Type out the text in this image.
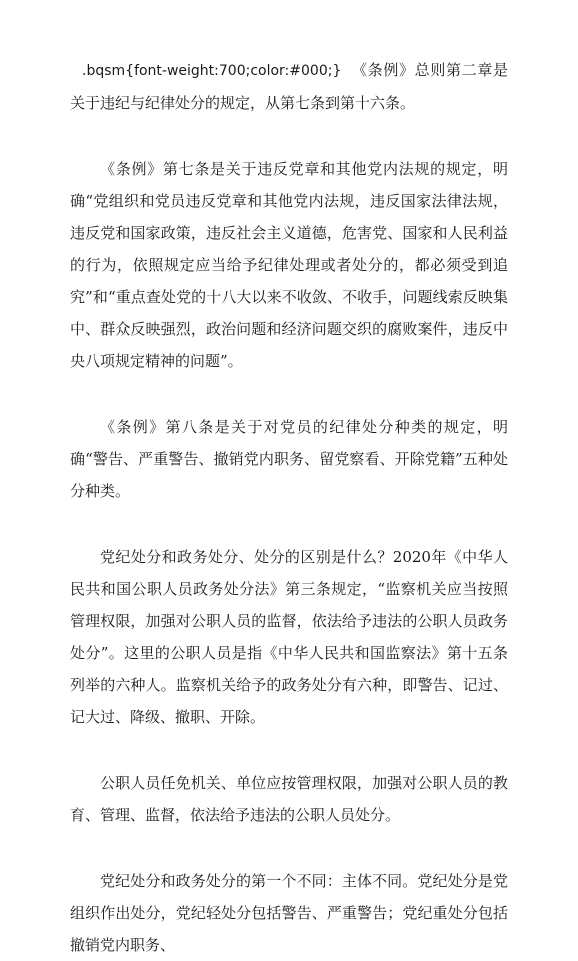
.bqsm{font-weight:700;color:#000;} 《条例》总则第二章是关于违纪与纪律处分的规定，从第七条到第十六条。

《条例》第七条是关于违反党章和其他党内法规的规定，明确“党组织和党员违反党章和其他党内法规，违反国家法律法规，违反党和国家政策，违反社会主义道德，危害党、国家和人民利益的行为，依照规定应当给予纪律处理或者处分的，都必须受到追究”和“重点查处党的十八大以来不收敛、不收手，问题线索反映集中、群众反映强烈，政治问题和经济问题交织的腐败案件，违反中央八项规定精神的问题”。

《条例》第八条是关于对党员的纪律处分种类的规定，明确“警告、严重警告、撤销党内职务、留党察看、开除党籍”五种处分种类。

党纪处分和政务处分、处分的区别是什么？2020年《中华人民共和国公职人员政务处分法》第三条规定，“监察机关应当按照管理权限，加强对公职人员的监督，依法给予违法的公职人员政务处分”。这里的公职人员是指《中华人民共和国监察法》第十五条列举的六种人。监察机关给予的政务处分有六种，即警告、记过、记大过、降级、撤职、开除。

公职人员任免机关、单位应按管理权限，加强对公职人员的教育、管理、监督，依法给予违法的公职人员处分。

党纪处分和政务处分的第一个不同：主体不同。党纪处分是党组织作出处分，党纪轻处分包括警告、严重警告；党纪重处分包括撤销党内职务、
